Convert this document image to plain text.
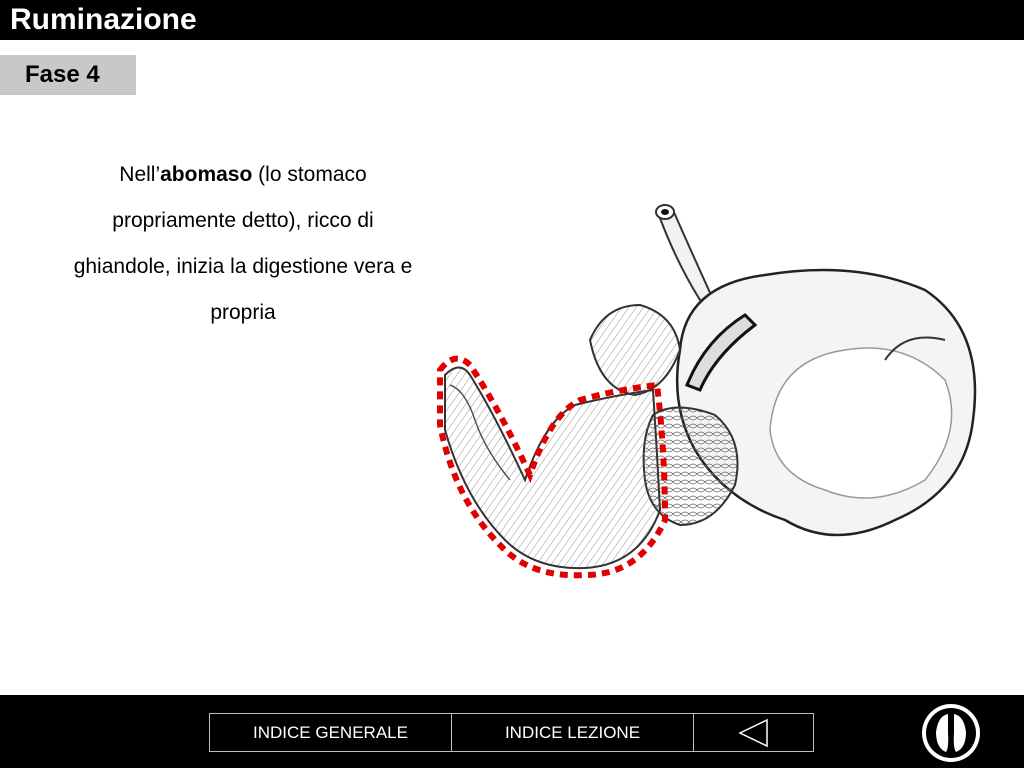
Ruminazione
Fase 4
Nell’abomaso (lo stomaco propriamente detto), ricco di ghiandole, inizia la digestione vera e propria
INDICE GENERALE	INDICE LEZIONE
